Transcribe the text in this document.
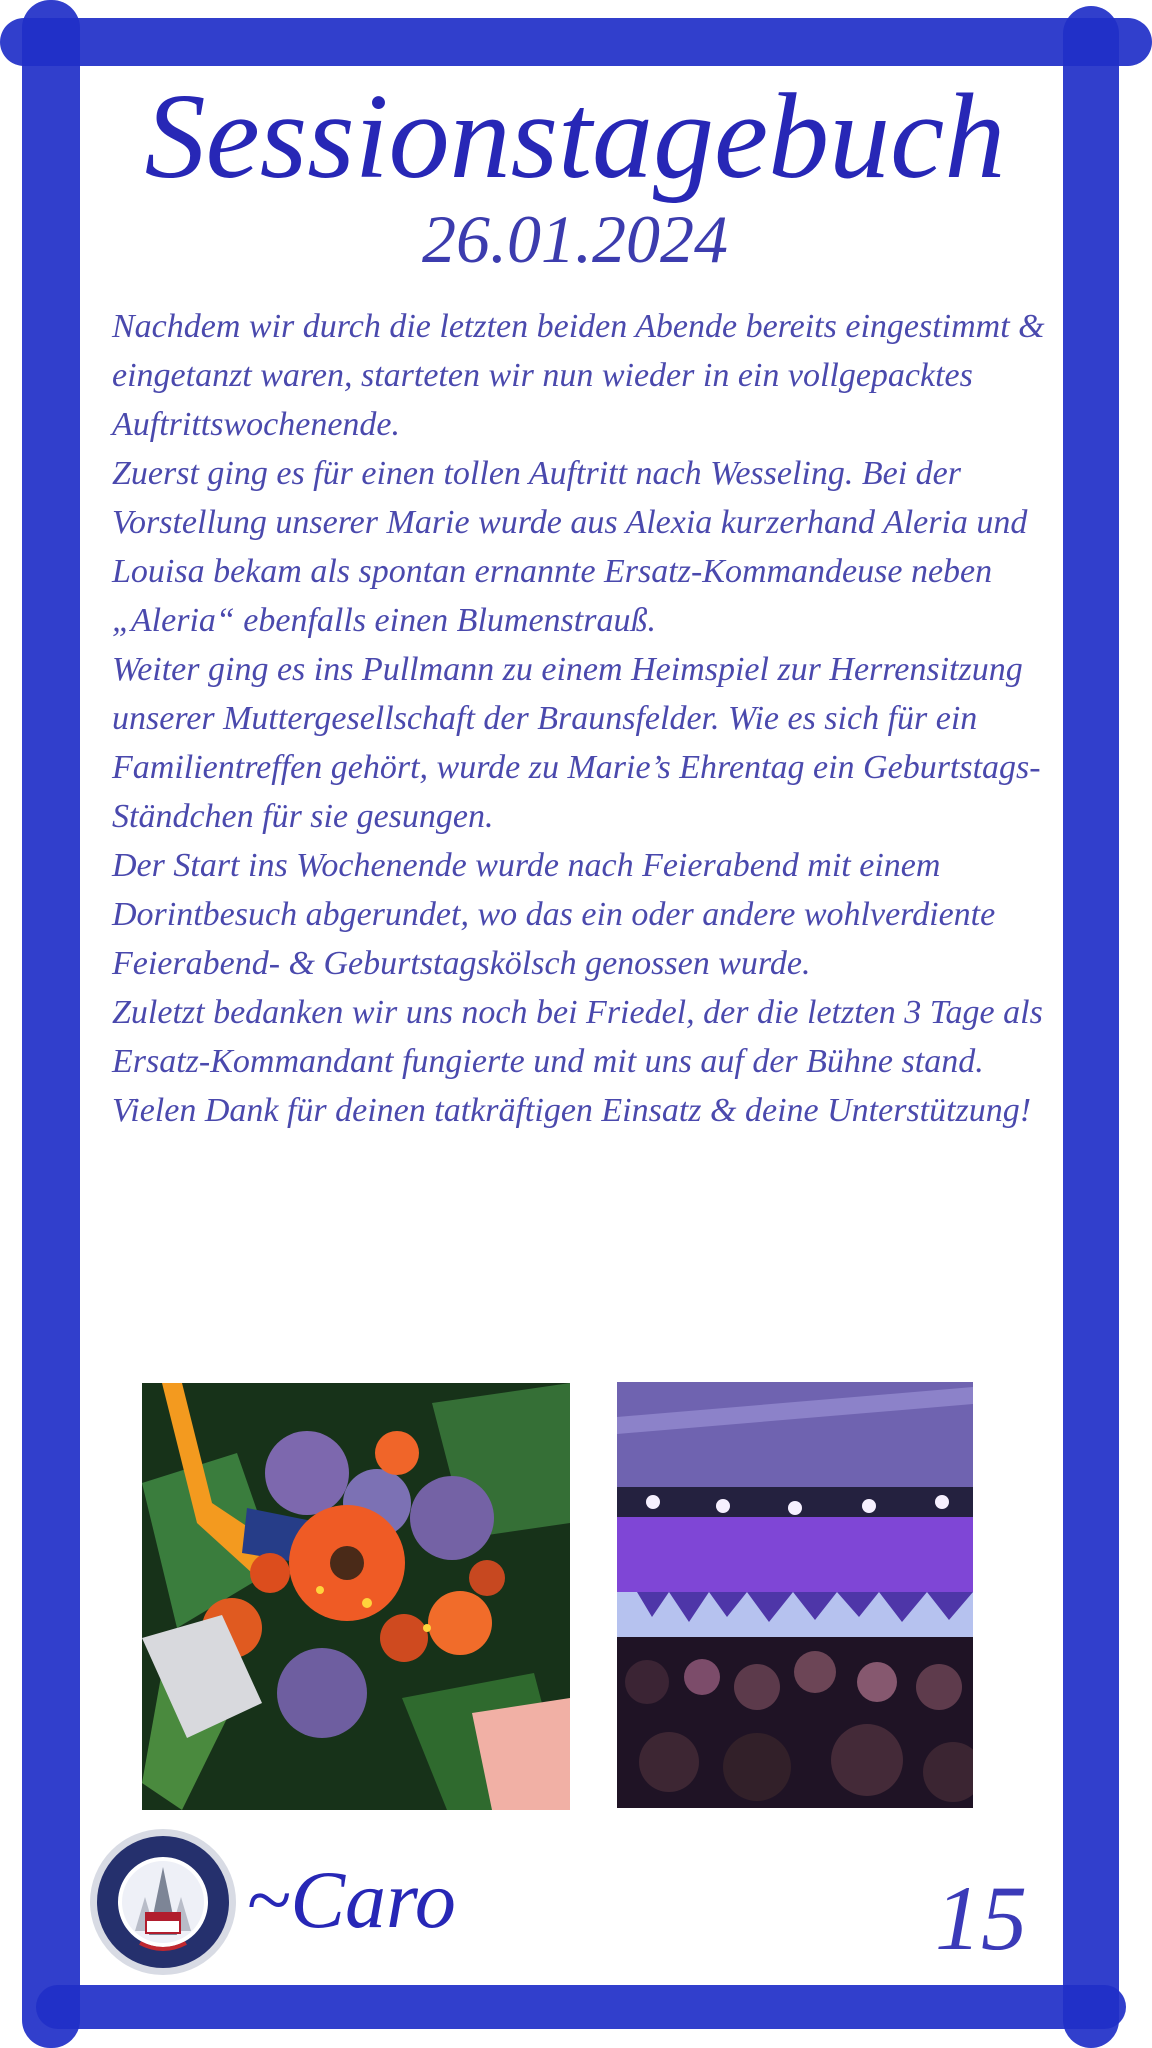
Sessionstagebuch
26.01.2024

Nachdem wir durch die letzten beiden Abende bereits eingestimmt & eingetanzt waren, starteten wir nun wieder in ein vollgepacktes Auftrittswochenende.

Zuerst ging es für einen tollen Auftritt nach Wesseling. Bei der Vorstellung unserer Marie wurde aus Alexia kurzerhand Aleria und Louisa bekam als spontan ernannte Ersatz-Kommandeuse neben „Aleria“ ebenfalls einen Blumenstrauß.

Weiter ging es ins Pullmann zu einem Heimspiel zur Herrensitzung unserer Muttergesellschaft der Braunsfelder. Wie es sich für ein Familientreffen gehört, wurde zu Marie’s Ehrentag ein Geburtstags-Ständchen für sie gesungen.

Der Start ins Wochenende wurde nach Feierabend mit einem Dorintbesuch abgerundet, wo das ein oder andere wohlverdiente Feierabend- & Geburtstagskölsch genossen wurde.

Zuletzt bedanken wir uns noch bei Friedel, der die letzten 3 Tage als Ersatz-Kommandant fungierte und mit uns auf der Bühne stand. Vielen Dank für deinen tatkräftigen Einsatz & deine Unterstützung!

~Caro	15
